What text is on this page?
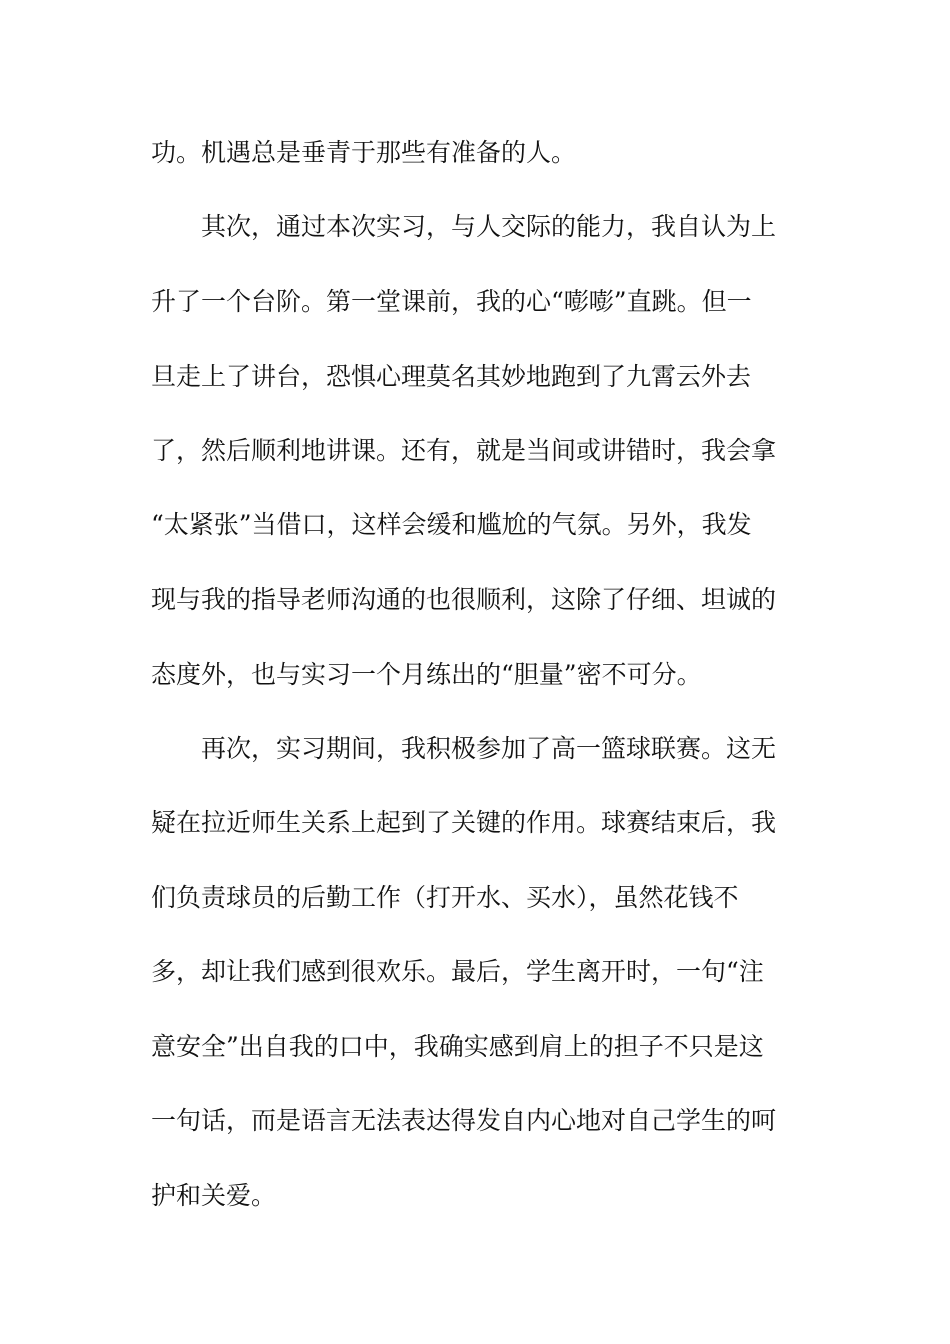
功。机遇总是垂青于那些有准备的人。
其次，通过本次实习，与人交际的能力，我自认为上
升了一个台阶。第一堂课前，我的心“嘭嘭”直跳。但一
旦走上了讲台，恐惧心理莫名其妙地跑到了九霄云外去
了，然后顺利地讲课。还有，就是当间或讲错时，我会拿
“太紧张”当借口，这样会缓和尴尬的气氛。另外，我发
现与我的指导老师沟通的也很顺利，这除了仔细、坦诚的
态度外，也与实习一个月练出的“胆量”密不可分。
再次，实习期间，我积极参加了高一篮球联赛。这无
疑在拉近师生关系上起到了关键的作用。球赛结束后，我
们负责球员的后勤工作（打开水、买水），虽然花钱不
多，却让我们感到很欢乐。最后，学生离开时，一句“注
意安全”出自我的口中，我确实感到肩上的担子不只是这
一句话，而是语言无法表达得发自内心地对自己学生的呵
护和关爱。
